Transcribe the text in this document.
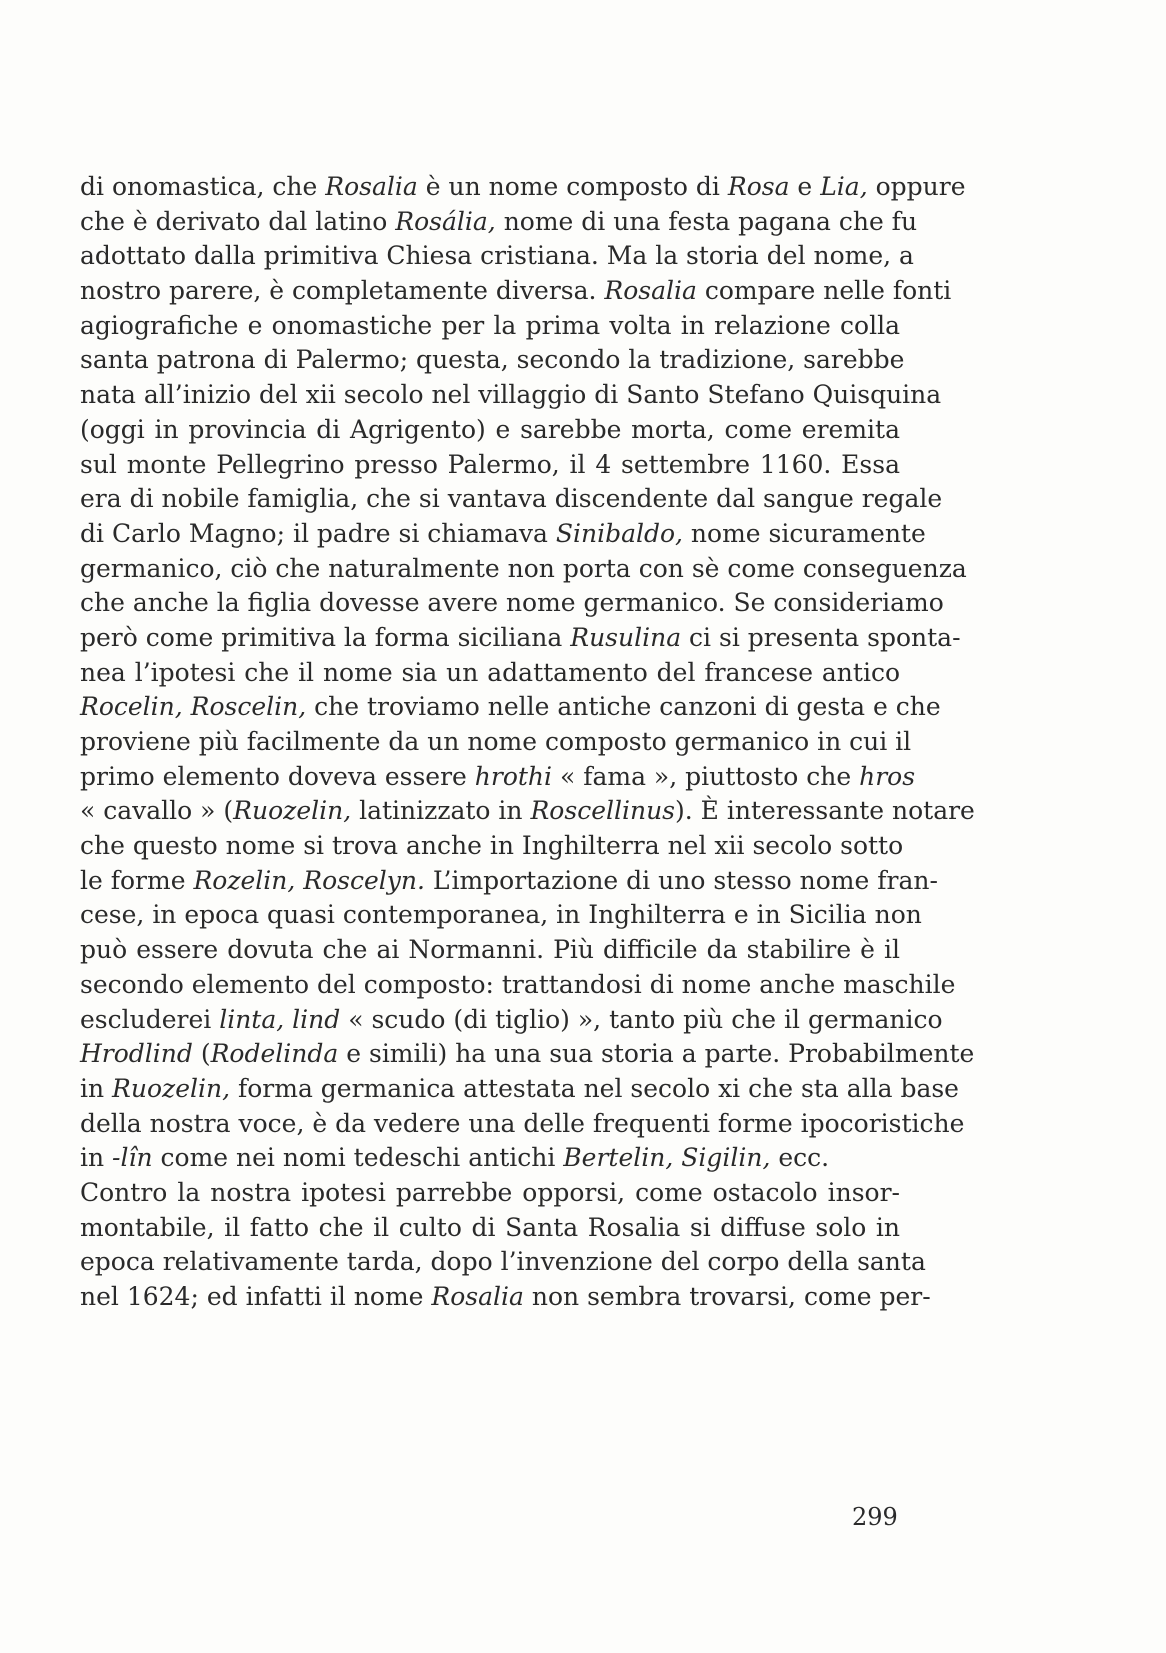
di onomastica, che Rosalia è un nome composto di Rosa e Lia, oppure
che è derivato dal latino Rosália, nome di una festa pagana che fu
adottato dalla primitiva Chiesa cristiana. Ma la storia del nome, a
nostro parere, è completamente diversa. Rosalia compare nelle fonti
agiografiche e onomastiche per la prima volta in relazione colla
santa patrona di Palermo; questa, secondo la tradizione, sarebbe
nata all’inizio del xii secolo nel villaggio di Santo Stefano Quisquina
(oggi in provincia di Agrigento) e sarebbe morta, come eremita
sul monte Pellegrino presso Palermo, il 4 settembre 1160. Essa
era di nobile famiglia, che si vantava discendente dal sangue regale
di Carlo Magno; il padre si chiamava Sinibaldo, nome sicuramente
germanico, ciò che naturalmente non porta con sè come conseguenza
che anche la figlia dovesse avere nome germanico. Se consideriamo
però come primitiva la forma siciliana Rusulina ci si presenta sponta-
nea l’ipotesi che il nome sia un adattamento del francese antico
Rocelin, Roscelin, che troviamo nelle antiche canzoni di gesta e che
proviene più facilmente da un nome composto germanico in cui il
primo elemento doveva essere hrothi « fama », piuttosto che hros
« cavallo » (Ruozelin, latinizzato in Roscellinus). È interessante notare
che questo nome si trova anche in Inghilterra nel xii secolo sotto
le forme Rozelin, Roscelyn. L’importazione di uno stesso nome fran-
cese, in epoca quasi contemporanea, in Inghilterra e in Sicilia non
può essere dovuta che ai Normanni. Più difficile da stabilire è il
secondo elemento del composto: trattandosi di nome anche maschile
escluderei linta, lind « scudo (di tiglio) », tanto più che il germanico
Hrodlind (Rodelinda e simili) ha una sua storia a parte. Probabilmente
in Ruozelin, forma germanica attestata nel secolo xi che sta alla base
della nostra voce, è da vedere una delle frequenti forme ipocoristiche
in -lîn come nei nomi tedeschi antichi Bertelin, Sigilin, ecc.
Contro la nostra ipotesi parrebbe opporsi, come ostacolo insor-
montabile, il fatto che il culto di Santa Rosalia si diffuse solo in
epoca relativamente tarda, dopo l’invenzione del corpo della santa
nel 1624; ed infatti il nome Rosalia non sembra trovarsi, come per-
299
